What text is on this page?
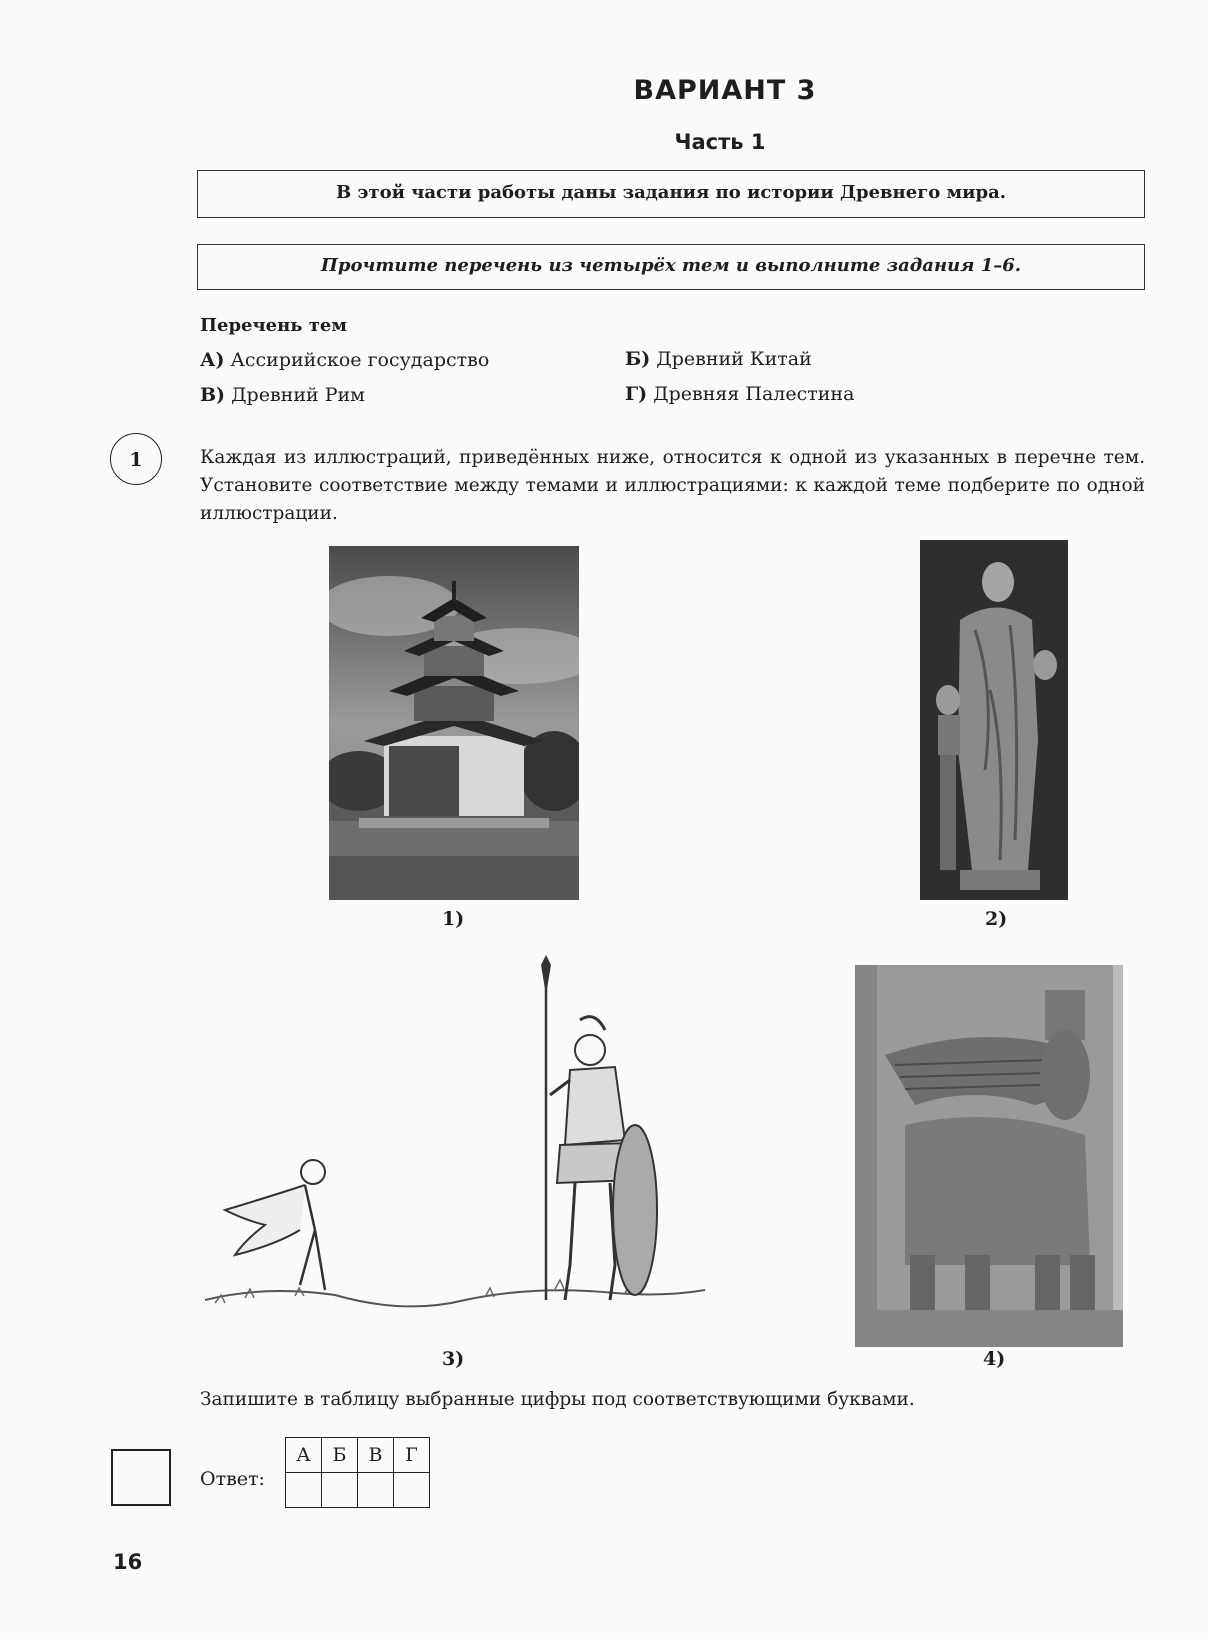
ВАРИАНТ 3
Часть 1
В этой части работы даны задания по истории Древнего мира.
Прочтите перечень из четырёх тем и выполните задания 1–6.
Перечень тем
А) Ассирийское государство	Б) Древний Китай
В) Древний Рим	Г) Древняя Палестина
1	Каждая из иллюстраций, приведённых ниже, относится к одной из указанных в перечне тем. Установите соответствие между темами и иллюстрациями: к каждой теме подберите по одной иллюстрации.
1)	2)
3)	4)
Запишите в таблицу выбранные цифры под соответствующими буквами.
Ответ:
А	Б	В	Г

16
